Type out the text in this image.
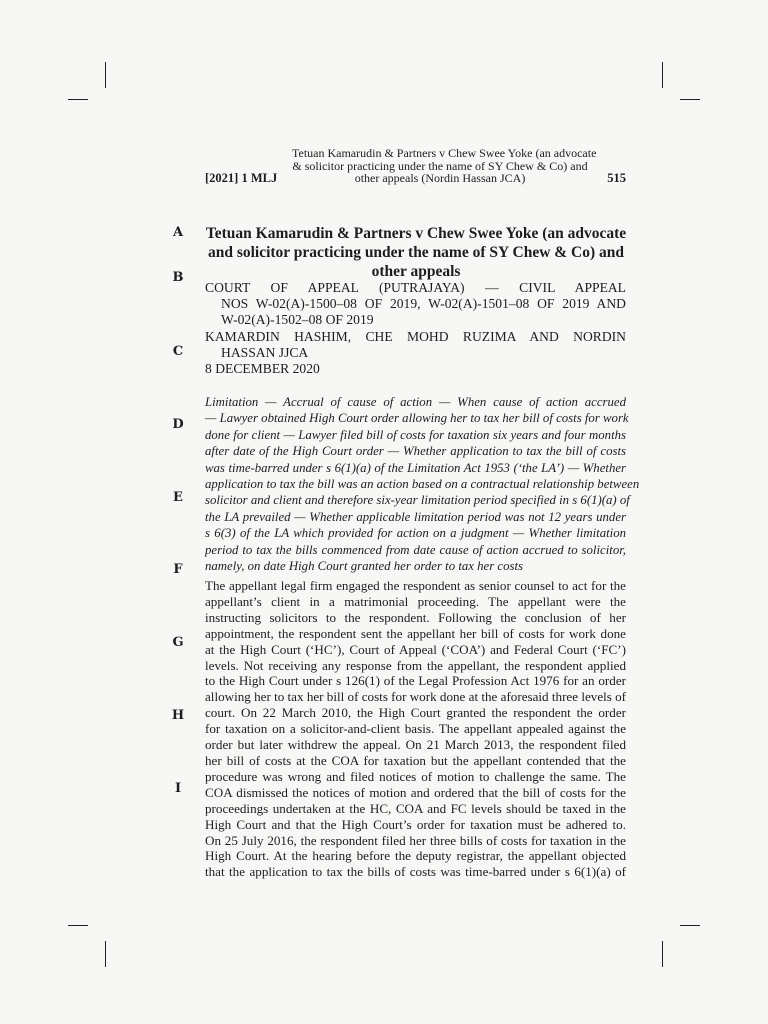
[2021] 1 MLJ
Tetuan Kamarudin & Partners v Chew Swee Yoke (an advocate
& solicitor practicing under the name of SY Chew & Co) and
other appeals (Nordin Hassan JCA)	515
A
B
C
D
E
F
G
H
I
Tetuan Kamarudin & Partners v Chew Swee Yoke (an advocate
and solicitor practicing under the name of SY Chew & Co) and
other appeals
COURT OF APPEAL (PUTRAJAYA) — CIVIL APPEAL
NOS W-02(A)-1500–08 OF 2019, W-02(A)-1501–08 OF 2019 AND
W-02(A)-1502–08 OF 2019
KAMARDIN HASHIM, CHE MOHD RUZIMA AND NORDIN
HASSAN JJCA
8 DECEMBER 2020
Limitation — Accrual of cause of action — When cause of action accrued
— Lawyer obtained High Court order allowing her to tax her bill of costs for work
done for client — Lawyer filed bill of costs for taxation six years and four months
after date of the High Court order — Whether application to tax the bill of costs
was time-barred under s 6(1)(a) of the Limitation Act 1953 (‘the LA’) — Whether
application to tax the bill was an action based on a contractual relationship between
solicitor and client and therefore six-year limitation period specified in s 6(1)(a) of
the LA prevailed — Whether applicable limitation period was not 12 years under
s 6(3) of the LA which provided for action on a judgment — Whether limitation
period to tax the bills commenced from date cause of action accrued to solicitor,
namely, on date High Court granted her order to tax her costs
The appellant legal firm engaged the respondent as senior counsel to act for the
appellant’s client in a matrimonial proceeding. The appellant were the
instructing solicitors to the respondent. Following the conclusion of her
appointment, the respondent sent the appellant her bill of costs for work done
at the High Court (‘HC’), Court of Appeal (‘COA’) and Federal Court (‘FC’)
levels. Not receiving any response from the appellant, the respondent applied
to the High Court under s 126(1) of the Legal Profession Act 1976 for an order
allowing her to tax her bill of costs for work done at the aforesaid three levels of
court. On 22 March 2010, the High Court granted the respondent the order
for taxation on a solicitor-and-client basis. The appellant appealed against the
order but later withdrew the appeal. On 21 March 2013, the respondent filed
her bill of costs at the COA for taxation but the appellant contended that the
procedure was wrong and filed notices of motion to challenge the same. The
COA dismissed the notices of motion and ordered that the bill of costs for the
proceedings undertaken at the HC, COA and FC levels should be taxed in the
High Court and that the High Court’s order for taxation must be adhered to.
On 25 July 2016, the respondent filed her three bills of costs for taxation in the
High Court. At the hearing before the deputy registrar, the appellant objected
that the application to tax the bills of costs was time-barred under s 6(1)(a) of
